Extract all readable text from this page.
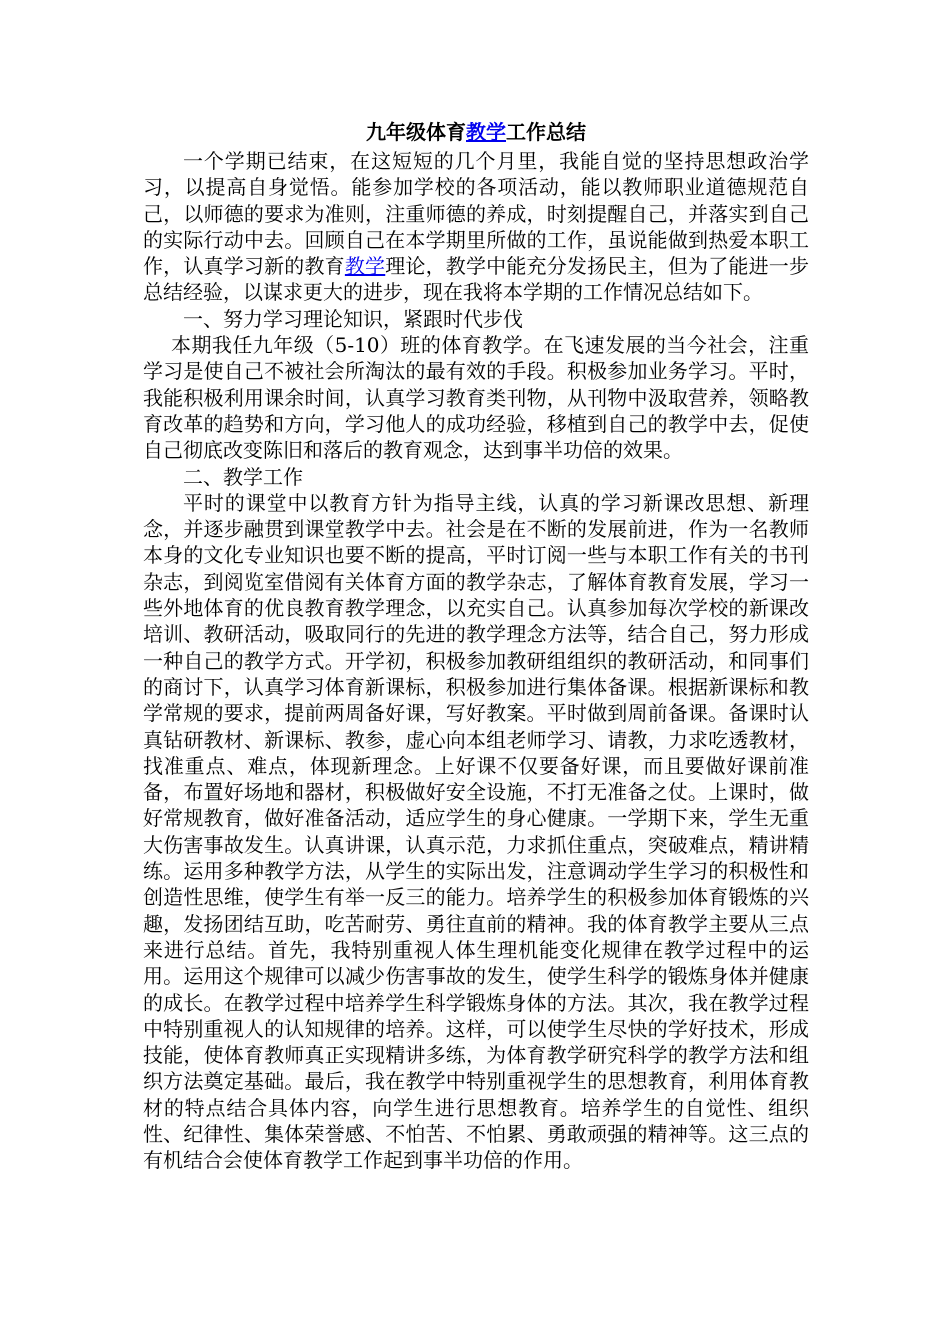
九年级体育教学工作总结

一个学期已结束，在这短短的几个月里，我能自觉的坚持思想政治学习，以提高自身觉悟。能参加学校的各项活动，能以教师职业道德规范自己，以师德的要求为准则，注重师德的养成，时刻提醒自己，并落实到自己的实际行动中去。回顾自己在本学期里所做的工作，虽说能做到热爱本职工作，认真学习新的教育教学理论，教学中能充分发扬民主，但为了能进一步总结经验，以谋求更大的进步，现在我将本学期的工作情况总结如下。

一、努力学习理论知识，紧跟时代步伐

本期我任九年级（5-10）班的体育教学。在飞速发展的当今社会，注重学习是使自己不被社会所淘汰的最有效的手段。积极参加业务学习。平时，我能积极利用课余时间，认真学习教育类刊物，从刊物中汲取营养，领略教育改革的趋势和方向，学习他人的成功经验，移植到自己的教学中去，促使自己彻底改变陈旧和落后的教育观念，达到事半功倍的效果。

二、教学工作

平时的课堂中以教育方针为指导主线，认真的学习新课改思想、新理念，并逐步融贯到课堂教学中去。社会是在不断的发展前进，作为一名教师本身的文化专业知识也要不断的提高，平时订阅一些与本职工作有关的书刊杂志，到阅览室借阅有关体育方面的教学杂志，了解体育教育发展，学习一些外地体育的优良教育教学理念，以充实自己。认真参加每次学校的新课改培训、教研活动，吸取同行的先进的教学理念方法等，结合自己，努力形成一种自己的教学方式。开学初，积极参加教研组组织的教研活动，和同事们的商讨下，认真学习体育新课标，积极参加进行集体备课。根据新课标和教学常规的要求，提前两周备好课，写好教案。平时做到周前备课。备课时认真钻研教材、新课标、教参，虚心向本组老师学习、请教，力求吃透教材，找准重点、难点，体现新理念。上好课不仅要备好课，而且要做好课前准备，布置好场地和器材，积极做好安全设施，不打无准备之仗。上课时，做好常规教育，做好准备活动，适应学生的身心健康。一学期下来，学生无重大伤害事故发生。认真讲课，认真示范，力求抓住重点，突破难点，精讲精练。运用多种教学方法，从学生的实际出发，注意调动学生学习的积极性和创造性思维，使学生有举一反三的能力。培养学生的积极参加体育锻炼的兴趣，发扬团结互助，吃苦耐劳、勇往直前的精神。我的体育教学主要从三点来进行总结。首先，我特别重视人体生理机能变化规律在教学过程中的运用。运用这个规律可以减少伤害事故的发生，使学生科学的锻炼身体并健康的成长。在教学过程中培养学生科学锻炼身体的方法。其次，我在教学过程中特别重视人的认知规律的培养。这样，可以使学生尽快的学好技术，形成技能，使体育教师真正实现精讲多练，为体育教学研究科学的教学方法和组织方法奠定基础。最后，我在教学中特别重视学生的思想教育，利用体育教材的特点结合具体内容，向学生进行思想教育。培养学生的自觉性、组织性、纪律性、集体荣誉感、不怕苦、不怕累、勇敢顽强的精神等。这三点的有机结合会使体育教学工作起到事半功倍的作用。
